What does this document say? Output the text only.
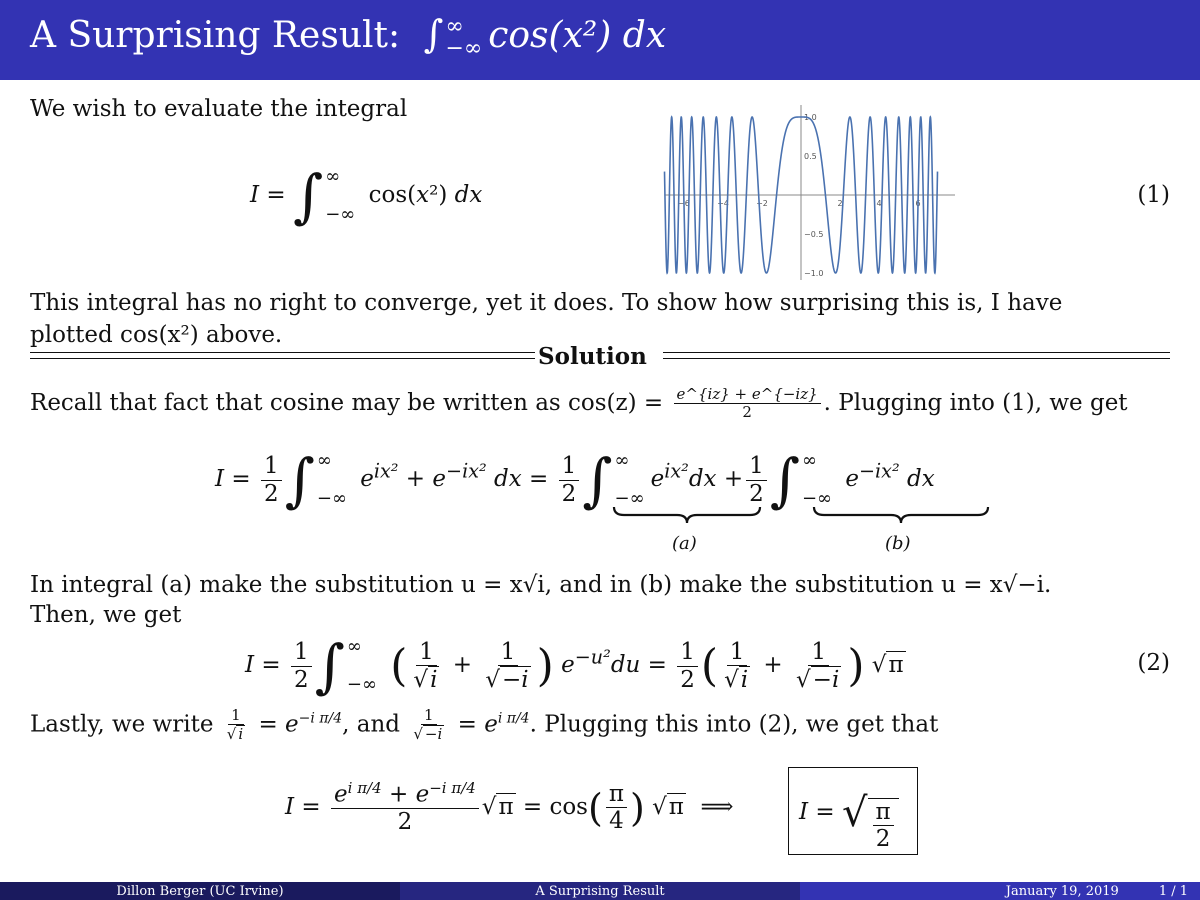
A Surprising Result:  ∫ ∞
−∞ cos(x²) dx
We wish to evaluate the integral
I = ∫ ∞
−∞
cos(x²) dx	(1)
−6	−4	−2	2	4	6
1.0
0.5
−0.5
−1.0
This integral has no right to converge, yet it does. To show how surprising this is, I have
plotted cos(x²) above.
Solution
Recall that fact that cosine may be written as $\cos(z) = \frac{e\^{}\{iz\} + e\^{}\{-iz\}}{2}$ . Plugging into (1), we get
$I = \frac{1}{2}$ ∫ ∞
−∞
$e^{ix^2} + e^{-ix^2}$ dx = $\frac{1}{2}$ ∫ ∞
−∞
$e^{ix^2}dx + \frac{1}{2}$ ∫ ∞
−∞
$e^{-ix^2}$ dx
(a)	(b)
In integral (a) make the substitution u = x√i, and in (b) make the substitution u = x√−i.
Then, we get
$I = \frac{1}{2}$ ∫ ∞
−∞ ( $\frac{1}{√i} + \frac{1}{√-i}$ ) $e^{-u^2}du = \frac{1}{2}$ ( $\frac{1}{√i} + \frac{1}{√-i}$ ) √π	(2)
Lastly, we write $\frac{1}{√ i} = e^{-i \pi/4}$, and $\frac{1}{√ -i} = e^{i \pi/4}$. Plugging this into (2), we get that
$I = \frac{e^{i \pi/4} + e^{-i \pi/4}}{2} √\pi = \cos( \frac{\pi}{4}$ ) √π  ⟹	I = √ $\frac{\pi}{2}$
Dillon Berger (UC Irvine)	A Surprising Result	January 19, 2019	1 / 1
